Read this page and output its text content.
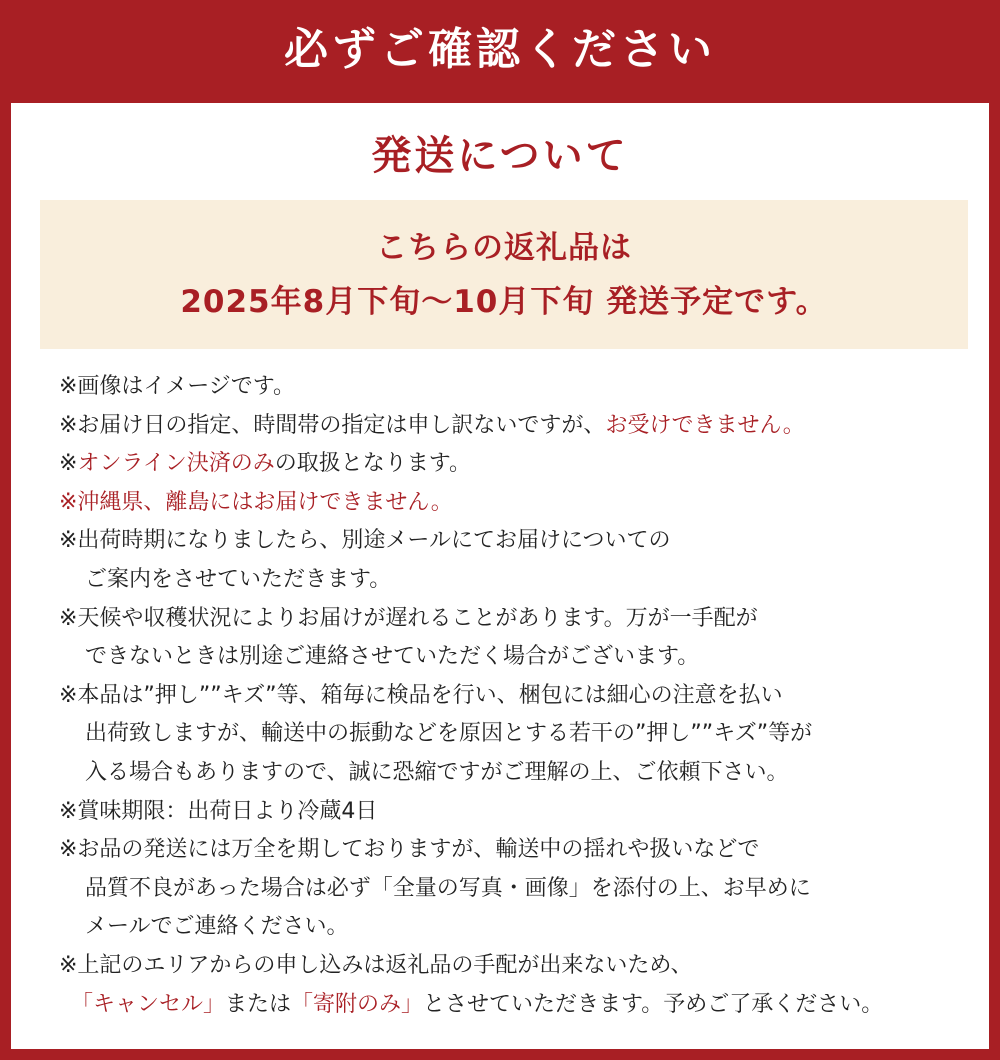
必ずご確認ください
発送について
こちらの返礼品は
2025年8月下旬～10月下旬 発送予定です。
※画像はイメージです。
※お届け日の指定、時間帯の指定は申し訳ないですが、お受けできません。
※オンライン決済のみの取扱となります。
※沖縄県、離島にはお届けできません。
※出荷時期になりましたら、別途メールにてお届けについての
ご案内をさせていただきます。
※天候や収穫状況によりお届けが遅れることがあります。万が一手配が
できないときは別途ご連絡させていただく場合がございます。
※本品は”押し””キズ”等、箱毎に検品を行い、梱包には細心の注意を払い
出荷致しますが、輸送中の振動などを原因とする若干の”押し””キズ”等が
入る場合もありますので、誠に恐縮ですがご理解の上、ご依頼下さい。
※賞味期限：出荷日より冷蔵4日
※お品の発送には万全を期しておりますが、輸送中の揺れや扱いなどで
品質不良があった場合は必ず「全量の写真・画像」を添付の上、お早めに
メールでご連絡ください。
※上記のエリアからの申し込みは返礼品の手配が出来ないため、
「キャンセル」または「寄附のみ」とさせていただきます。予めご了承ください。
